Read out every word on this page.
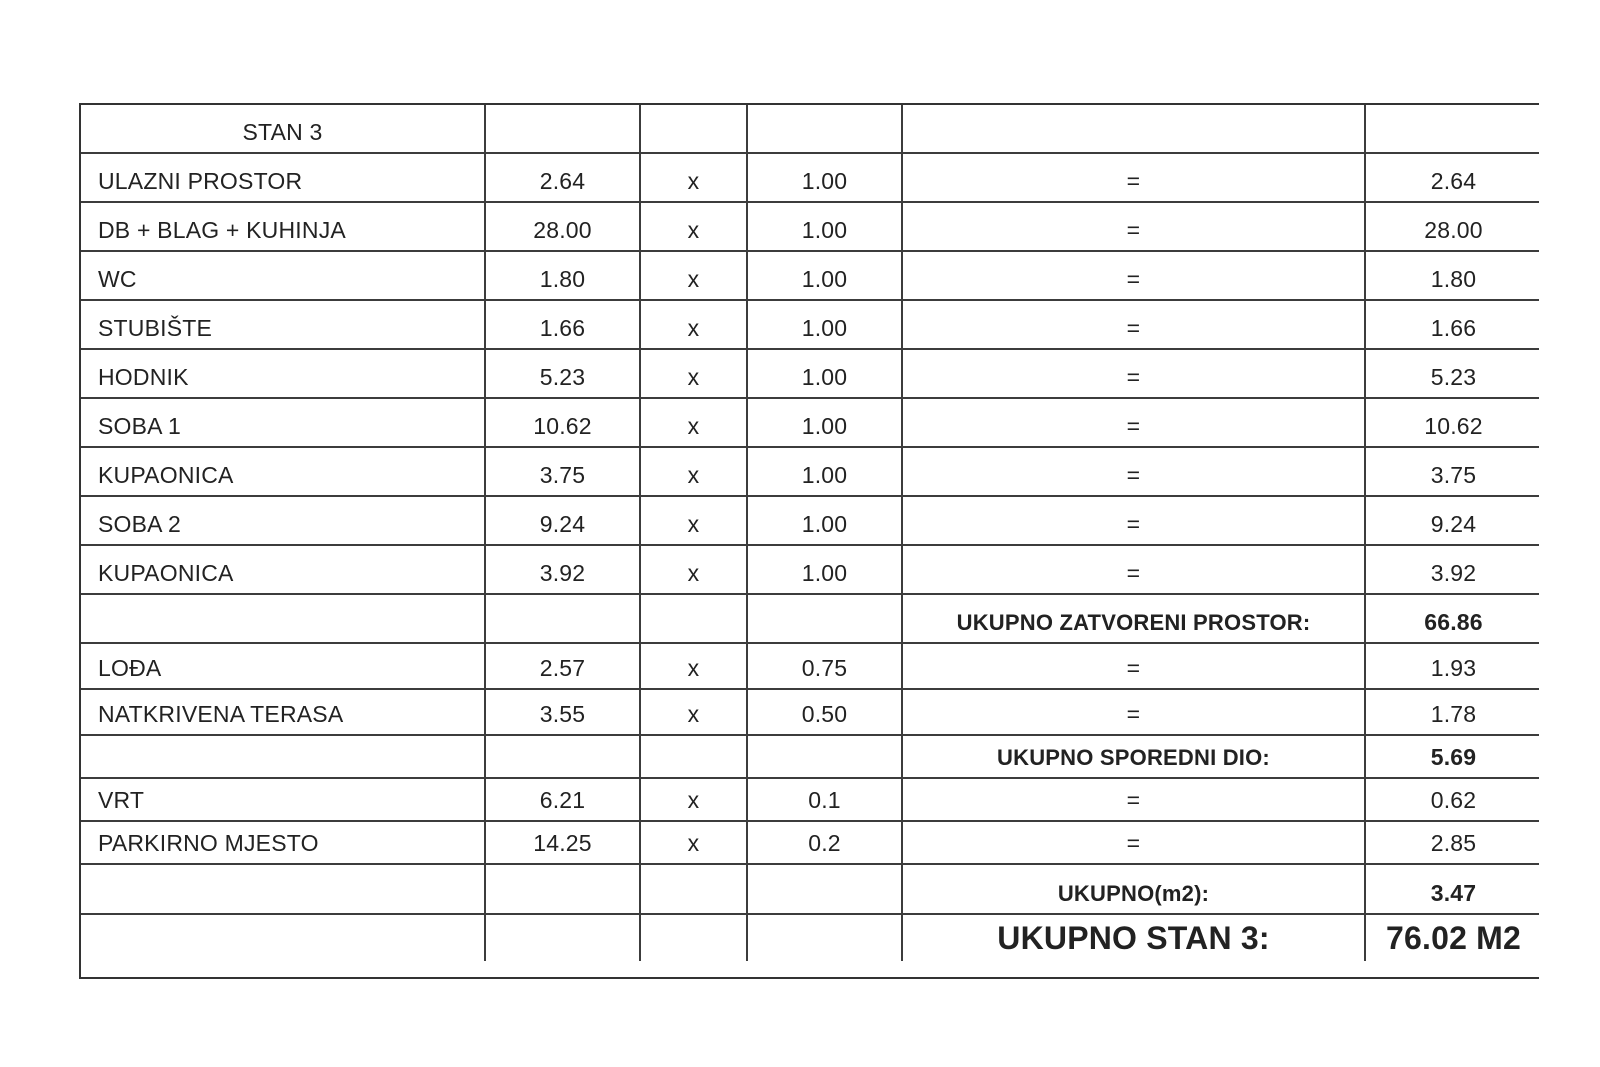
STAN 3
ULAZNI PROSTOR	2.64	x	1.00	=	2.64
DB + BLAG + KUHINJA	28.00	x	1.00	=	28.00
WC	1.80	x	1.00	=	1.80
STUBIŠTE	1.66	x	1.00	=	1.66
HODNIK	5.23	x	1.00	=	5.23
SOBA 1	10.62	x	1.00	=	10.62
KUPAONICA	3.75	x	1.00	=	3.75
SOBA 2	9.24	x	1.00	=	9.24
KUPAONICA	3.92	x	1.00	=	3.92
UKUPNO ZATVORENI PROSTOR:	66.86
LOĐA	2.57	x	0.75	=	1.93
NATKRIVENA TERASA	3.55	x	0.50	=	1.78
UKUPNO SPOREDNI DIO:	5.69
VRT	6.21	x	0.1	=	0.62
PARKIRNO MJESTO	14.25	x	0.2	=	2.85
UKUPNO(m2):	3.47
UKUPNO STAN 3:	76.02 M2
